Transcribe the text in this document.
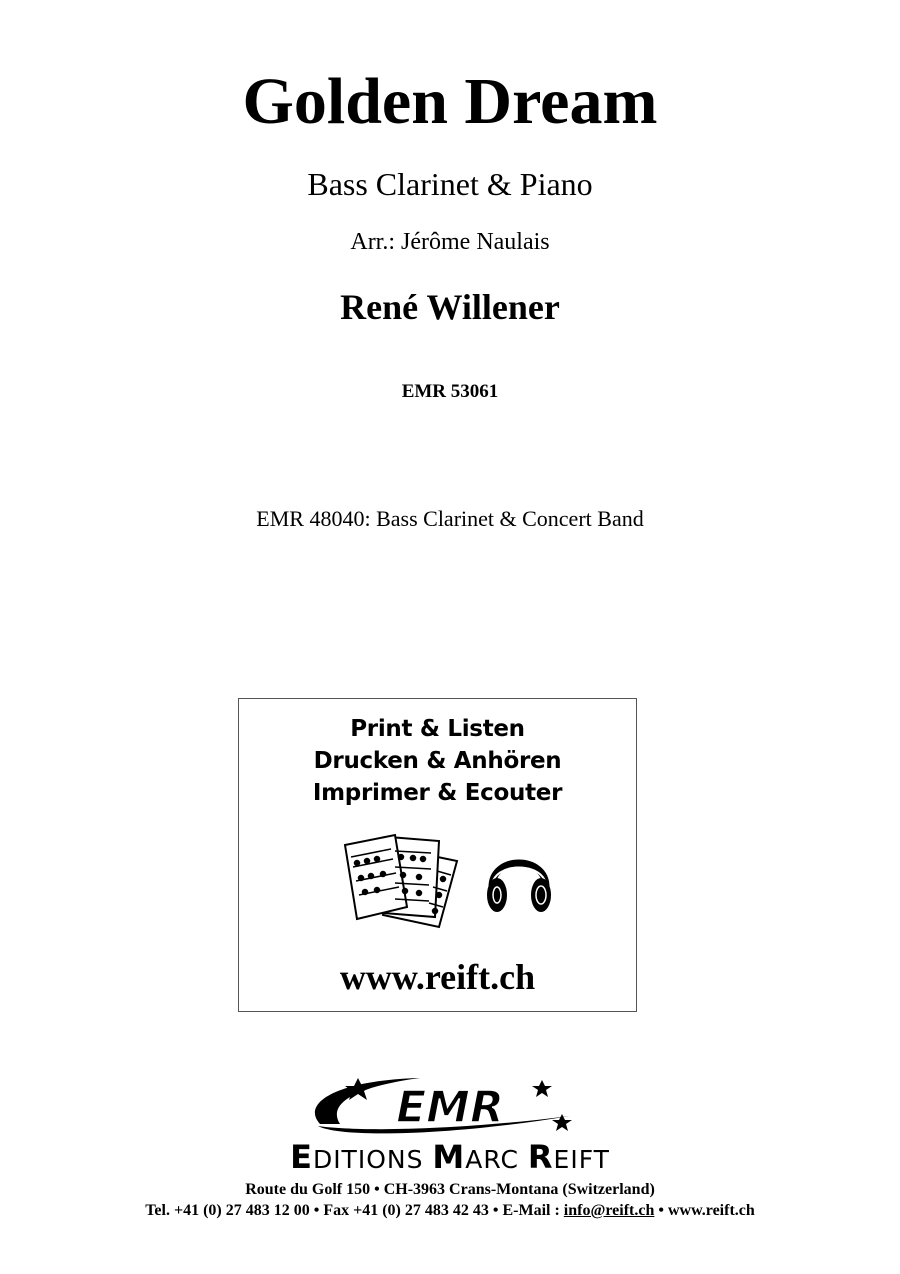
Golden Dream
Bass Clarinet & Piano
Arr.: Jérôme Naulais
René Willener
EMR 53061
EMR 48040: Bass Clarinet & Concert Band
Print & Listen
Drucken & Anhören
Imprimer & Ecouter
www.reift.ch
EMR
EDITIONS MARC REIFT
Route du Golf 150 • CH-3963 Crans-Montana (Switzerland)
Tel. +41 (0) 27 483 12 00 • Fax +41 (0) 27 483 42 43 • E-Mail : info@reift.ch • www.reift.ch
